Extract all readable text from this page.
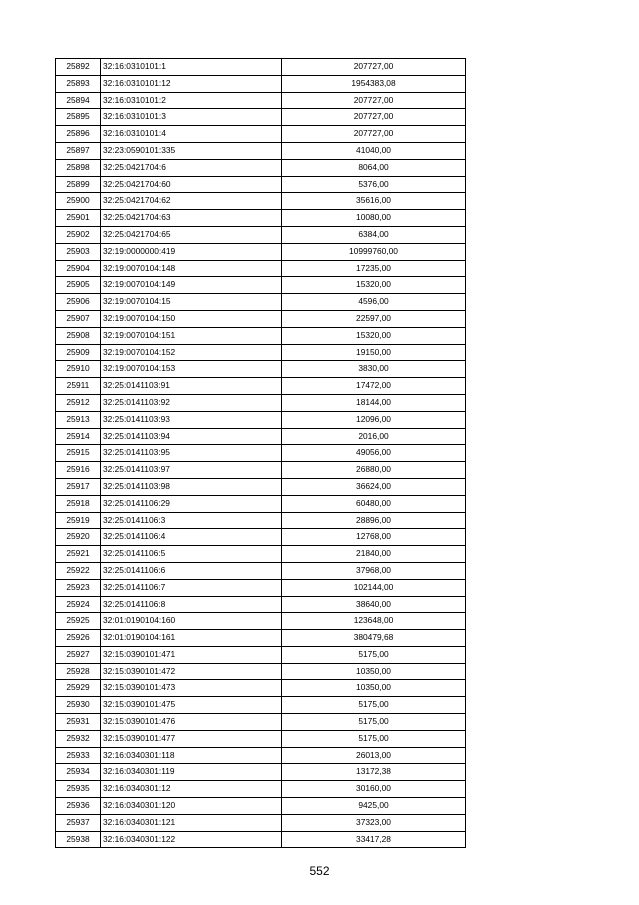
25892	32:16:0310101:1	207727,00
25893	32:16:0310101:12	1954383,08
25894	32:16:0310101:2	207727,00
25895	32:16:0310101:3	207727,00
25896	32:16:0310101:4	207727,00
25897	32:23:0590101:335	41040,00
25898	32:25:0421704:6	8064,00
25899	32:25:0421704:60	5376,00
25900	32:25:0421704:62	35616,00
25901	32:25:0421704:63	10080,00
25902	32:25:0421704:65	6384,00
25903	32:19:0000000:419	10999760,00
25904	32:19:0070104:148	17235,00
25905	32:19:0070104:149	15320,00
25906	32:19:0070104:15	4596,00
25907	32:19:0070104:150	22597,00
25908	32:19:0070104:151	15320,00
25909	32:19:0070104:152	19150,00
25910	32:19:0070104:153	3830,00
25911	32:25:0141103:91	17472,00
25912	32:25:0141103:92	18144,00
25913	32:25:0141103:93	12096,00
25914	32:25:0141103:94	2016,00
25915	32:25:0141103:95	49056,00
25916	32:25:0141103:97	26880,00
25917	32:25:0141103:98	36624,00
25918	32:25:0141106:29	60480,00
25919	32:25:0141106:3	28896,00
25920	32:25:0141106:4	12768,00
25921	32:25:0141106:5	21840,00
25922	32:25:0141106:6	37968,00
25923	32:25:0141106:7	102144,00
25924	32:25:0141106:8	38640,00
25925	32:01:0190104:160	123648,00
25926	32:01:0190104:161	380479,68
25927	32:15:0390101:471	5175,00
25928	32:15:0390101:472	10350,00
25929	32:15:0390101:473	10350,00
25930	32:15:0390101:475	5175,00
25931	32:15:0390101:476	5175,00
25932	32:15:0390101:477	5175,00
25933	32:16:0340301:118	26013,00
25934	32:16:0340301:119	13172,38
25935	32:16:0340301:12	30160,00
25936	32:16:0340301:120	9425,00
25937	32:16:0340301:121	37323,00
25938	32:16:0340301:122	33417,28
552
